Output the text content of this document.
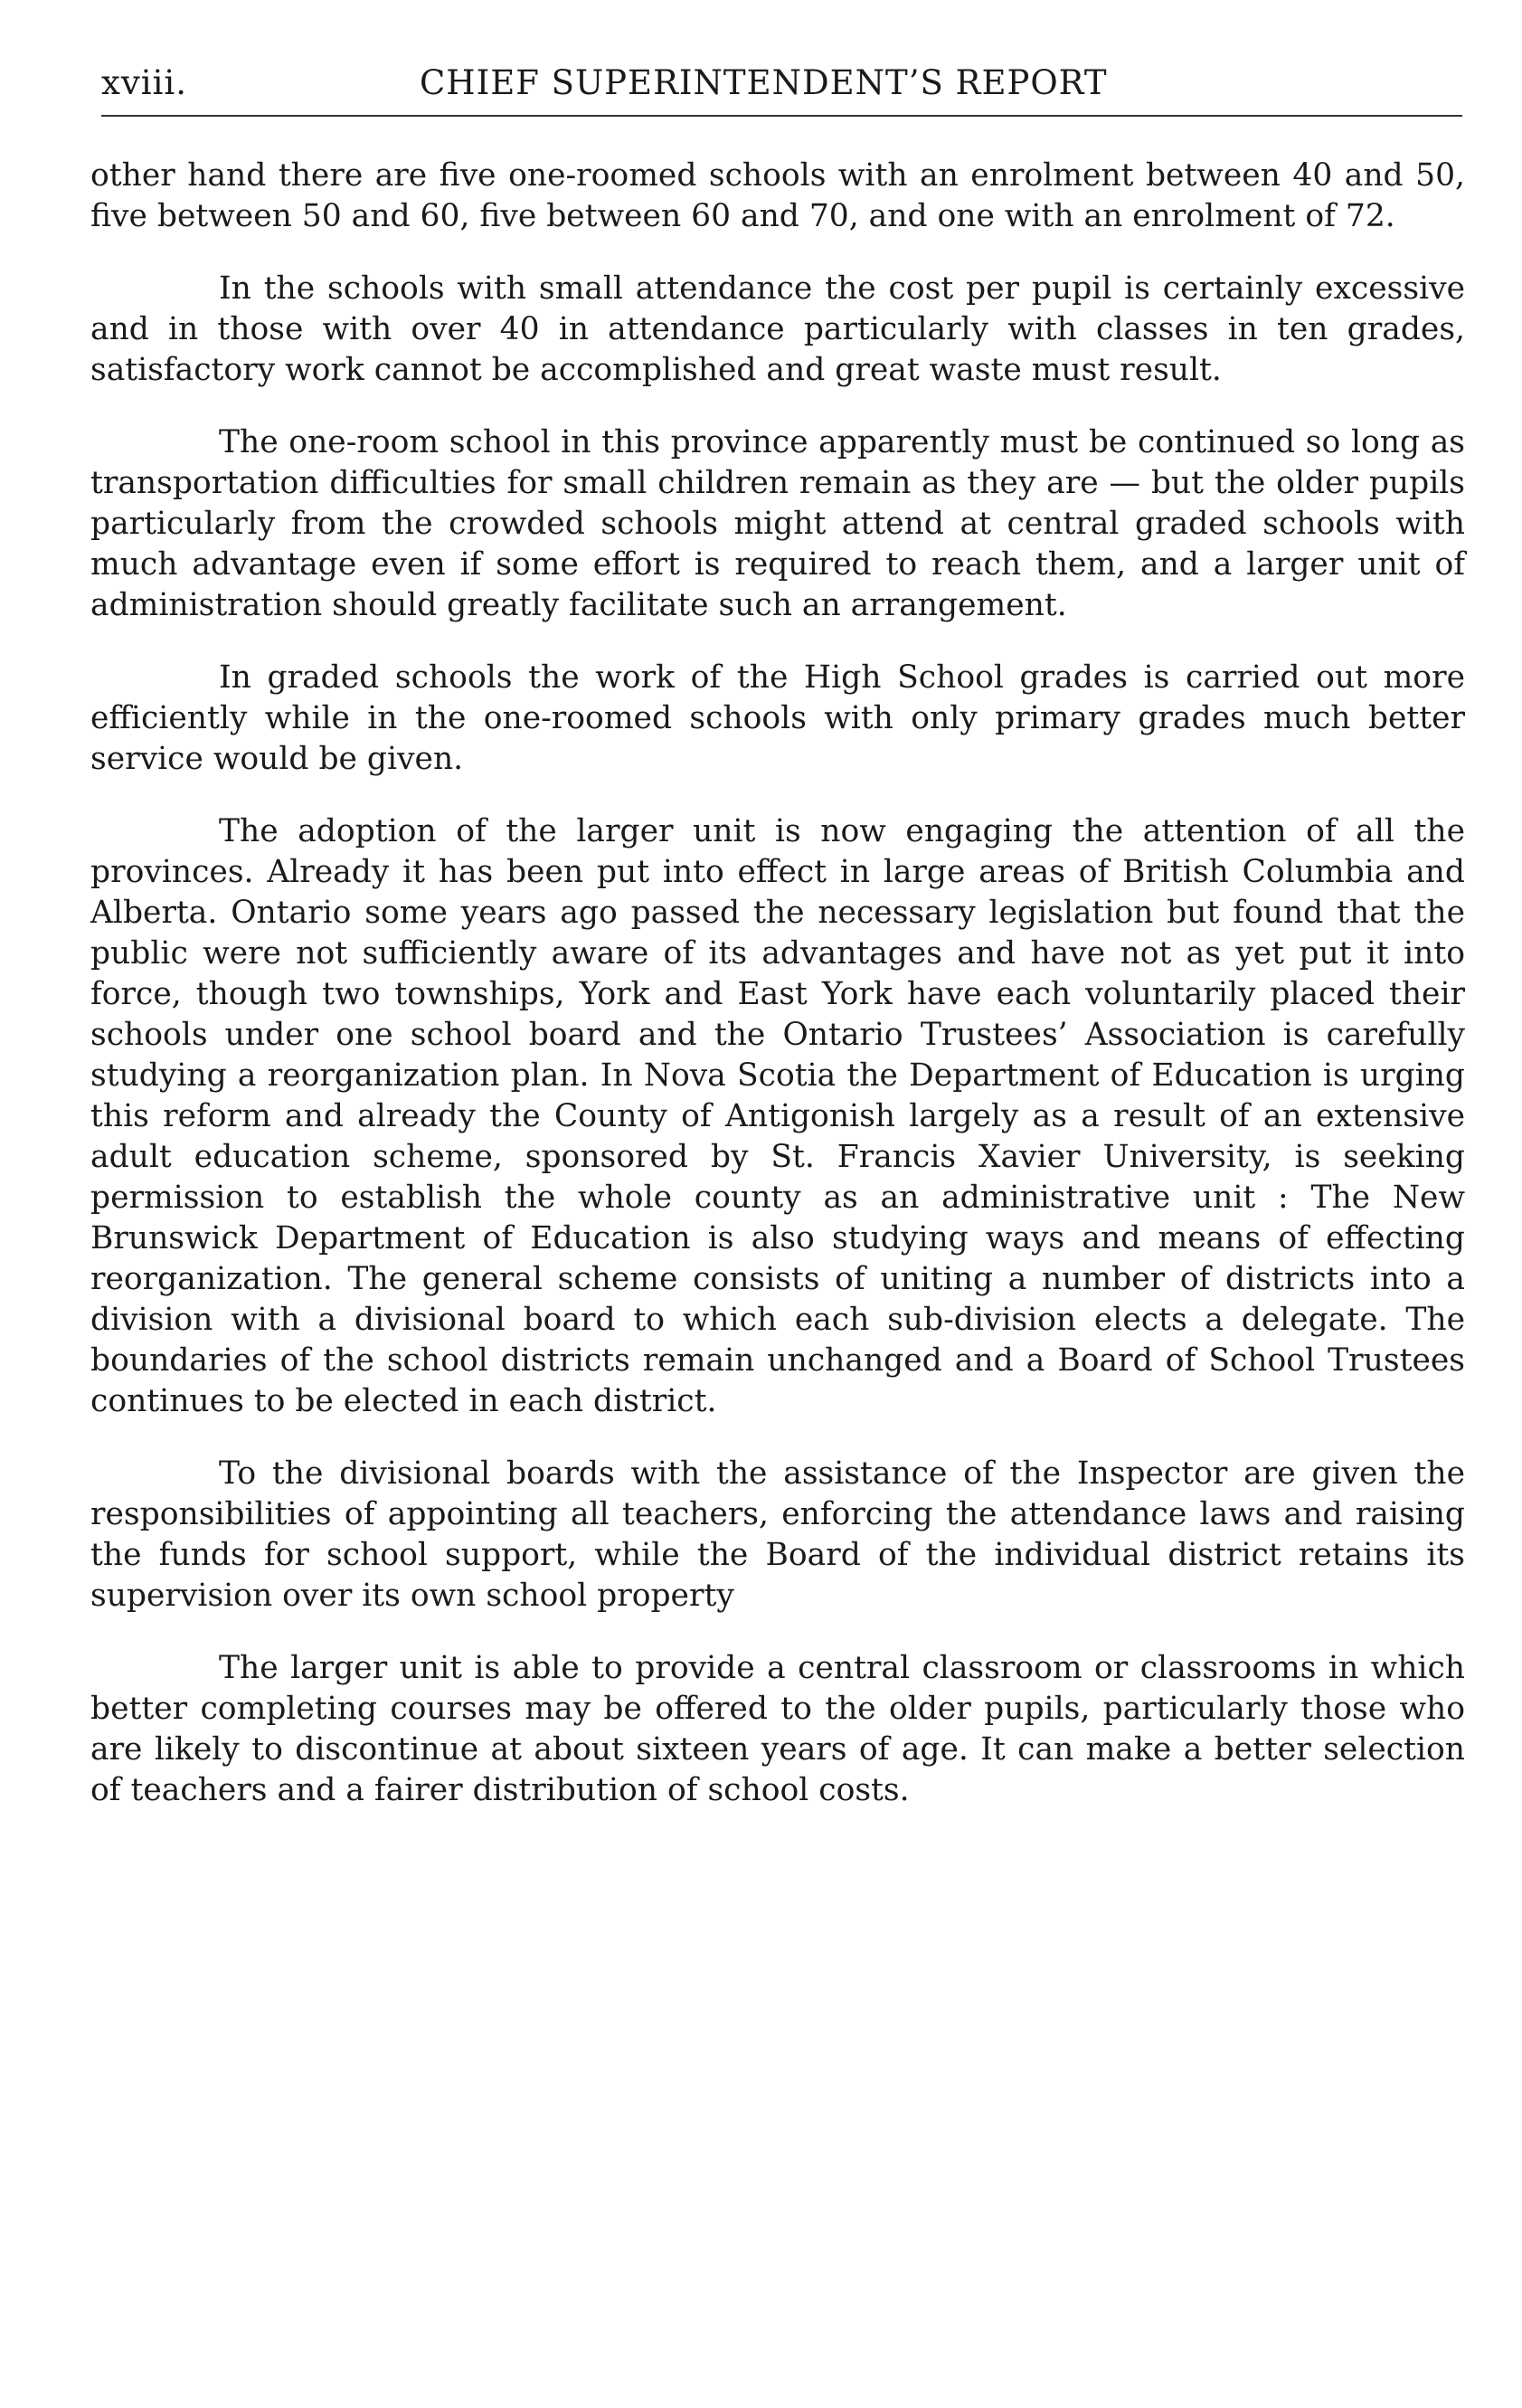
xviii.	CHIEF SUPERINTENDENT’S REPORT

other hand there are five one-roomed schools with an enrolment between 40 and 50, five between 50 and 60, five between 60 and 70, and one with an enrolment of 72.

In the schools with small attendance the cost per pupil is certainly excessive and in those with over 40 in attendance particularly with classes in ten grades, satisfactory work cannot be accomplished and great waste must result.

The one-room school in this province apparently must be continued so long as transportation difficulties for small children remain as they are — but the older pupils particularly from the crowded schools might attend at central graded schools with much advantage even if some effort is required to reach them, and a larger unit of administration should greatly facilitate such an arrangement.

In graded schools the work of the High School grades is carried out more efficiently while in the one-roomed schools with only primary grades much better service would be given.

The adoption of the larger unit is now engaging the attention of all the provinces. Already it has been put into effect in large areas of British Columbia and Alberta. Ontario some years ago passed the necessary legislation but found that the public were not sufficiently aware of its advantages and have not as yet put it into force, though two townships, York and East York have each voluntarily placed their schools under one school board and the Ontario Trustees’ Association is carefully studying a reorganization plan. In Nova Scotia the Department of Education is urging this reform and already the County of Antigonish largely as a result of an extensive adult education scheme, sponsored by St. Francis Xavier University, is seeking permission to establish the whole county as an administrative unit : The New Brunswick Department of Education is also studying ways and means of effecting reorganization. The general scheme consists of uniting a number of districts into a division with a divisional board to which each sub-division elects a delegate. The boundaries of the school districts remain unchanged and a Board of School Trustees continues to be elected in each district.

To the divisional boards with the assistance of the Inspector are given the responsibilities of appointing all teachers, enforcing the attendance laws and raising the funds for school support, while the Board of the individual district retains its supervision over its own school property

The larger unit is able to provide a central classroom or classrooms in which better completing courses may be offered to the older pupils, particularly those who are likely to discontinue at about sixteen years of age. It can make a better selection of teachers and a fairer distribution of school costs.
